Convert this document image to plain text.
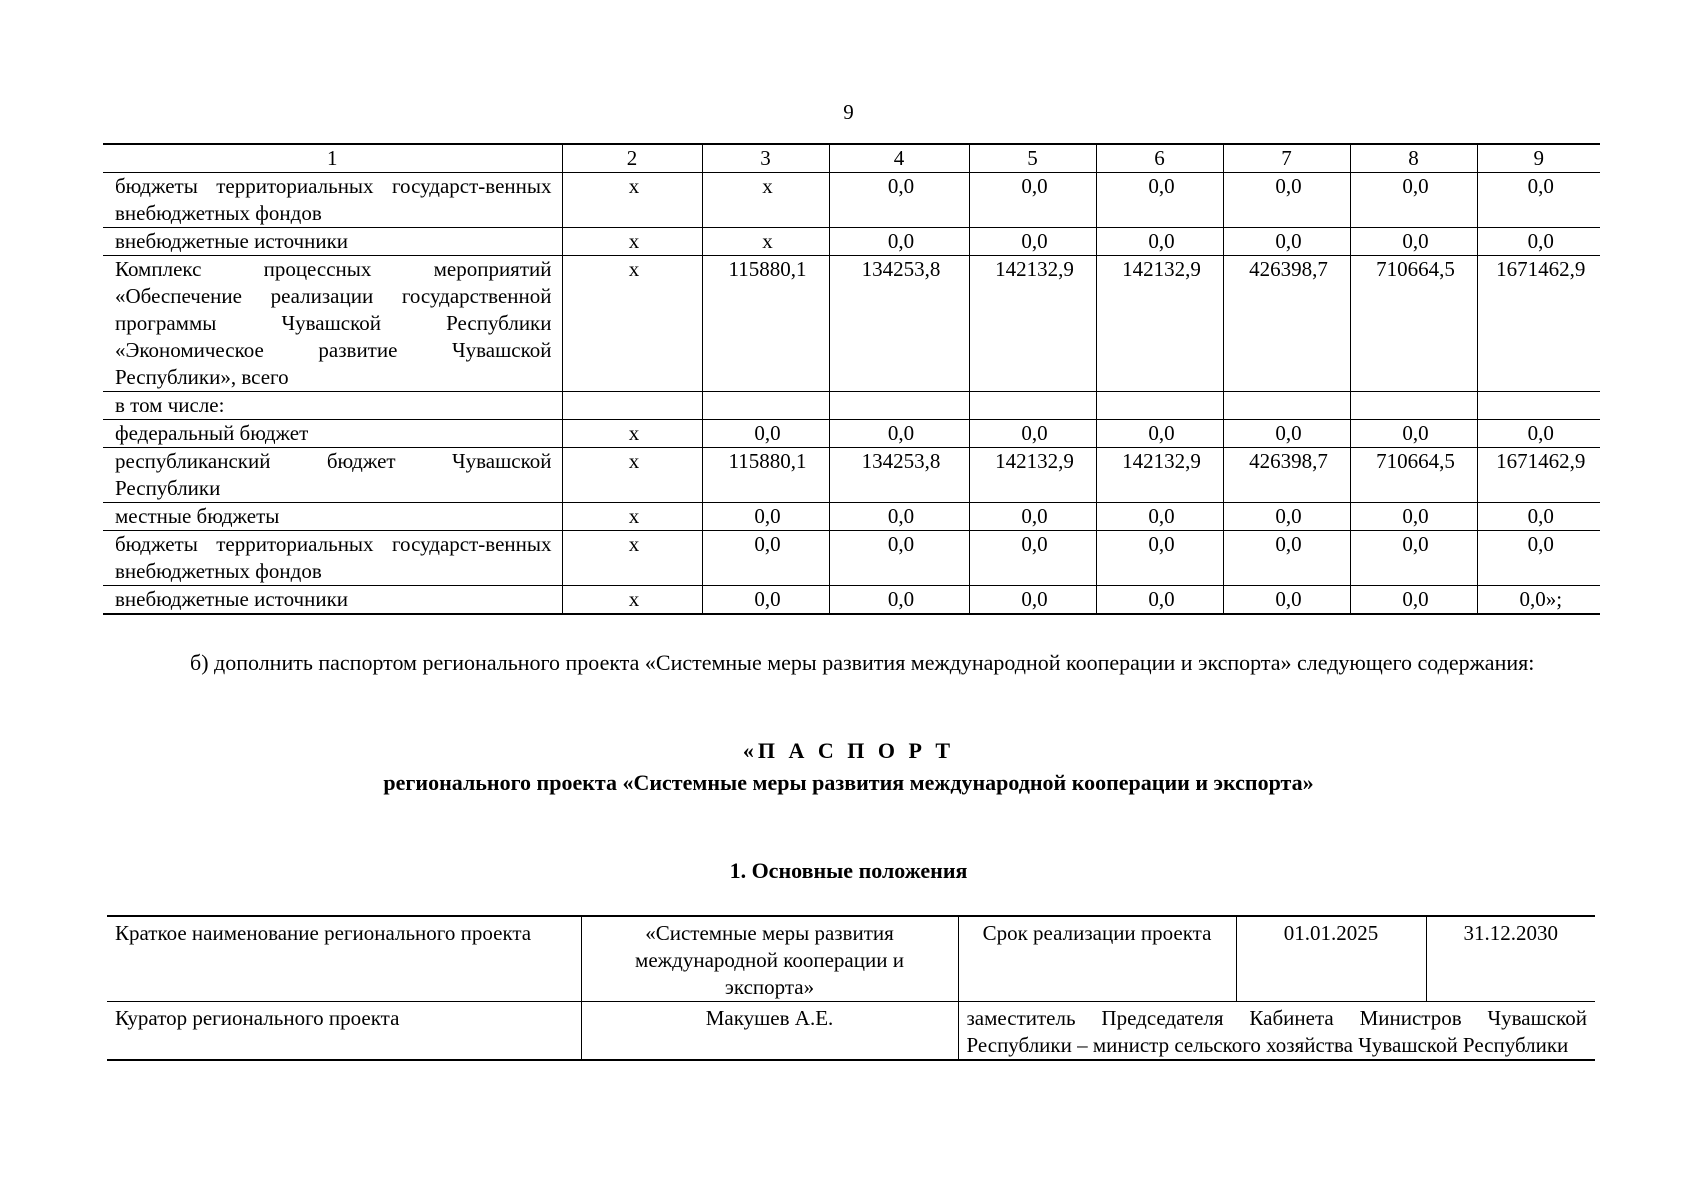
9
1	2	3	4	5	6	7	8	9
бюджеты территориальных государст-венных внебюджетных фондов	x	x	0,0	0,0	0,0	0,0	0,0	0,0
внебюджетные источники	x	x	0,0	0,0	0,0	0,0	0,0	0,0
Комплекс процессных мероприятий «Обеспечение реализации государственной программы Чувашской Республики «Экономическое развитие Чувашской Республики», всего	x	115880,1	134253,8	142132,9	142132,9	426398,7	710664,5	1671462,9
в том числе:								
федеральный бюджет	x	0,0	0,0	0,0	0,0	0,0	0,0	0,0
республиканский бюджет Чувашской Республики	x	115880,1	134253,8	142132,9	142132,9	426398,7	710664,5	1671462,9
местные бюджеты	x	0,0	0,0	0,0	0,0	0,0	0,0	0,0
бюджеты территориальных государст-венных внебюджетных фондов	x	0,0	0,0	0,0	0,0	0,0	0,0	0,0
внебюджетные источники	x	0,0	0,0	0,0	0,0	0,0	0,0	0,0»;
б) дополнить паспортом регионального проекта «Системные меры развития международной кооперации и экспорта» следующего содержания:
«П А С П О Р Т
регионального проекта «Системные меры развития международной кооперации и экспорта»
1. Основные положения
Краткое наименование регионального проекта	«Системные меры развития международной кооперации и экспорта»	Срок реализации проекта	01.01.2025	31.12.2030
Куратор регионального проекта	Макушев А.Е.	заместитель Председателя Кабинета Министров Чувашской Республики – министр сельского хозяйства Чувашской Республики		
